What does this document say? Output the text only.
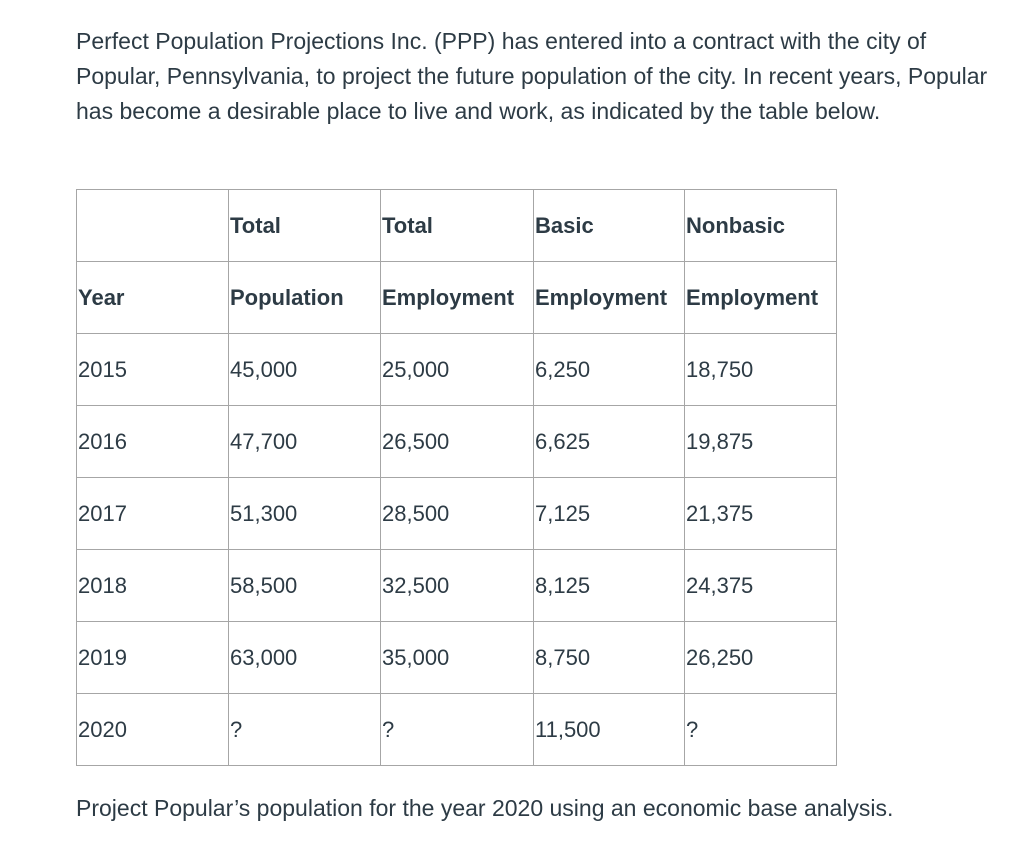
Perfect Population Projections Inc. (PPP) has entered into a contract with the city of Popular, Pennsylvania, to project the future population of the city. In recent years, Popular has become a desirable place to live and work, as indicated by the table below.

	Total	Total	Basic	Nonbasic
Year	Population	Employment	Employment	Employment
2015	45,000	25,000	6,250	18,750
2016	47,700	26,500	6,625	19,875
2017	51,300	28,500	7,125	21,375
2018	58,500	32,500	8,125	24,375
2019	63,000	35,000	8,750	26,250
2020	?	?	11,500	?

Project Popular’s population for the year 2020 using an economic base analysis.
